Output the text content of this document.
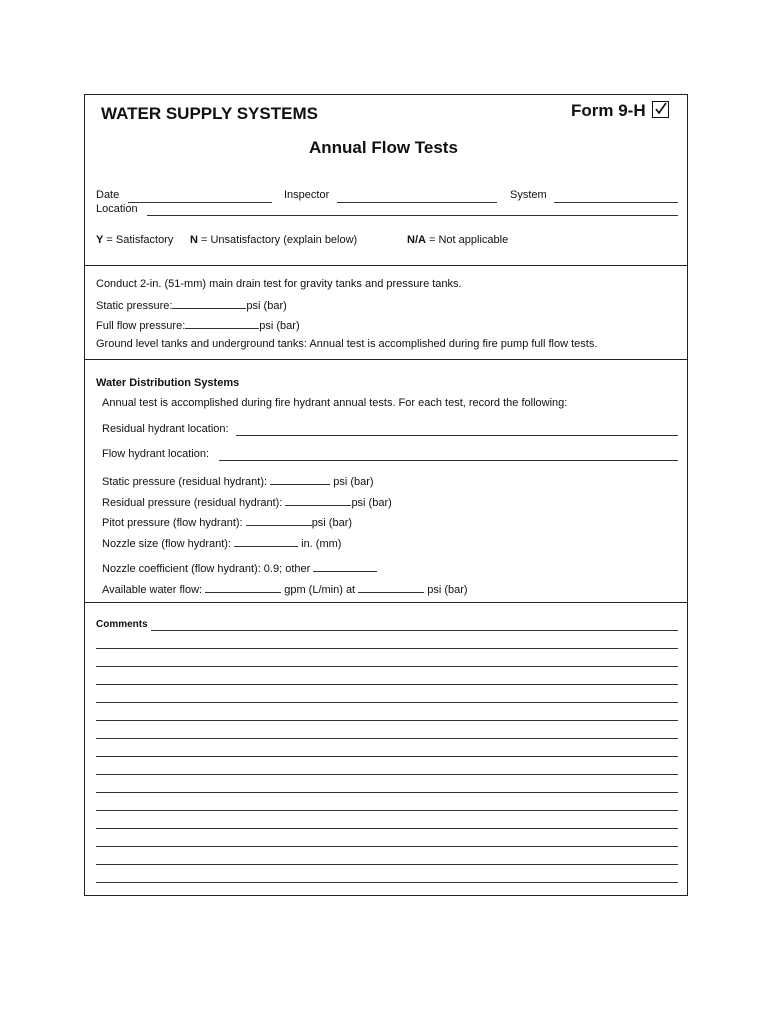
WATER SUPPLY SYSTEMS	Form 9-H
Annual Flow Tests
Date	Inspector	System
Location
Y = Satisfactory N = Unsatisfactory (explain below)	N/A = Not applicable
Conduct 2-in. (51-mm) main drain test for gravity tanks and pressure tanks.
Static pressure:	psi (bar)
Full flow pressure:	psi (bar)
Ground level tanks and underground tanks: Annual test is accomplished during fire pump full flow tests.
Water Distribution Systems
Annual test is accomplished during fire hydrant annual tests. For each test, record the following:
Residual hydrant location:
Flow hydrant location:
Static pressure (residual hydrant):	psi (bar)
Residual pressure (residual hydrant):	psi (bar)
Pitot pressure (flow hydrant):	psi (bar)
Nozzle size (flow hydrant):	in. (mm)
Nozzle coefficient (flow hydrant): 0.9; other
Available water flow:	gpm (L/min) at	psi (bar)
Comments
